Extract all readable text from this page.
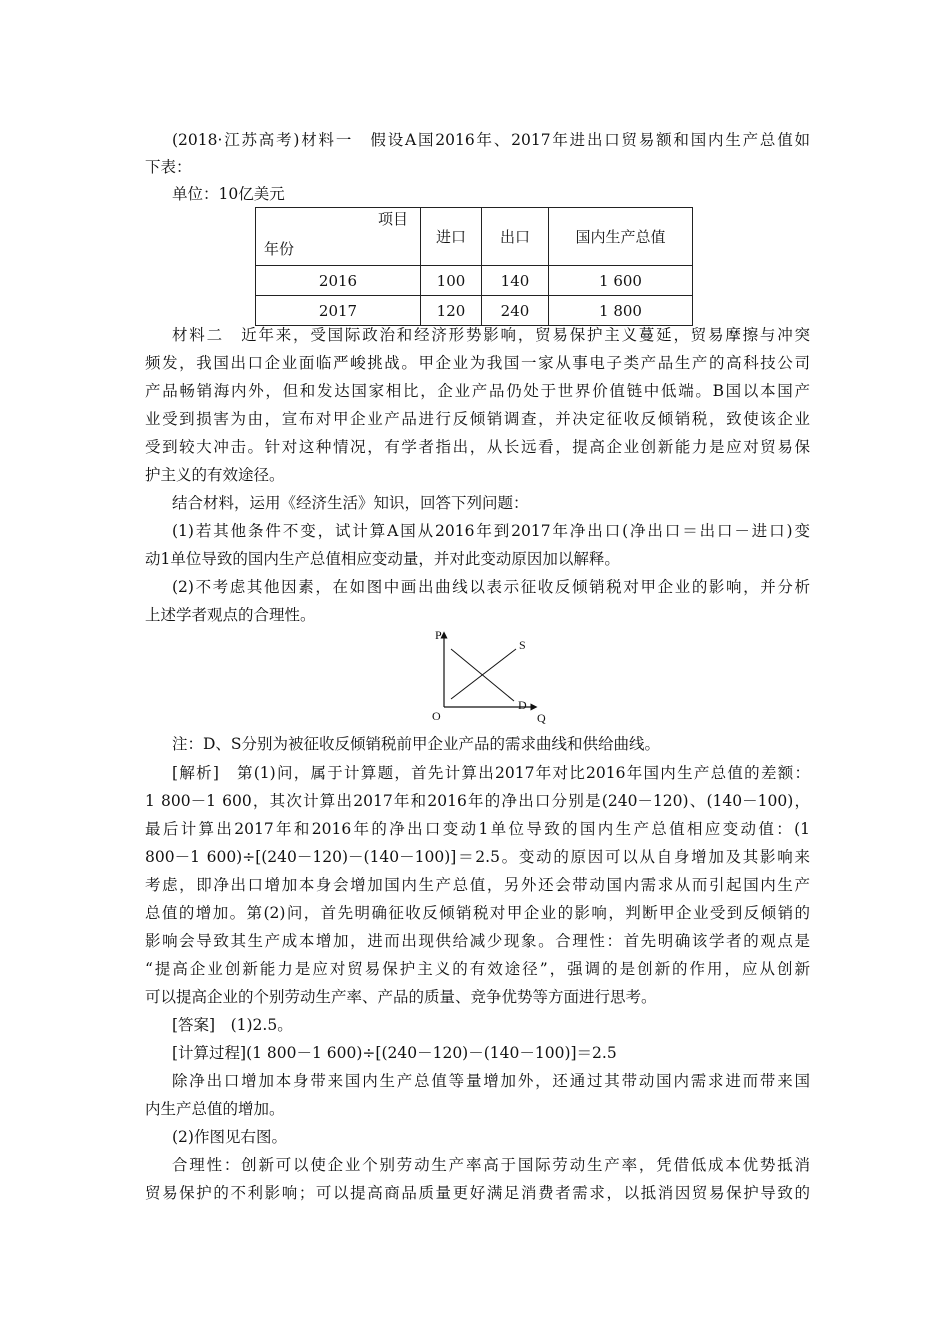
(2018·江苏高考)材料一　假设A国2016年、2017年进出口贸易额和国内生产总值如
下表：
单位：10亿美元
项目
年份	进口	出口	国内生产总值
2016	100	140	1 600
2017	120	240	1 800
材料二　近年来，受国际政治和经济形势影响，贸易保护主义蔓延，贸易摩擦与冲突
频发，我国出口企业面临严峻挑战。甲企业为我国一家从事电子类产品生产的高科技公司
产品畅销海内外，但和发达国家相比，企业产品仍处于世界价值链中低端。B国以本国产
业受到损害为由，宣布对甲企业产品进行反倾销调查，并决定征收反倾销税，致使该企业
受到较大冲击。针对这种情况，有学者指出，从长远看，提高企业创新能力是应对贸易保
护主义的有效途径。
结合材料，运用《经济生活》知识，回答下列问题：
(1)若其他条件不变，试计算A国从2016年到2017年净出口(净出口＝出口－进口)变
动1单位导致的国内生产总值相应变动量，并对此变动原因加以解释。
(2)不考虑其他因素，在如图中画出曲线以表示征收反倾销税对甲企业的影响，并分析
上述学者观点的合理性。
P
Q
O
S
D
注：D、S分别为被征收反倾销税前甲企业产品的需求曲线和供给曲线。
[解析]　第(1)问，属于计算题，首先计算出2017年对比2016年国内生产总值的差额：
1 800－1 600，其次计算出2017年和2016年的净出口分别是(240－120)、(140－100)，
最后计算出2017年和2016年的净出口变动1单位导致的国内生产总值相应变动值：(1
800－1 600)÷[(240－120)－(140－100)]＝2.5。变动的原因可以从自身增加及其影响来
考虑，即净出口增加本身会增加国内生产总值，另外还会带动国内需求从而引起国内生产
总值的增加。第(2)问，首先明确征收反倾销税对甲企业的影响，判断甲企业受到反倾销的
影响会导致其生产成本增加，进而出现供给减少现象。合理性：首先明确该学者的观点是
“提高企业创新能力是应对贸易保护主义的有效途径”，强调的是创新的作用，应从创新
可以提高企业的个别劳动生产率、产品的质量、竞争优势等方面进行思考。
[答案]　(1)2.5。
[计算过程](1 800－1 600)÷[(240－120)－(140－100)]＝2.5
除净出口增加本身带来国内生产总值等量增加外，还通过其带动国内需求进而带来国
内生产总值的增加。
(2)作图见右图。
合理性：创新可以使企业个别劳动生产率高于国际劳动生产率，凭借低成本优势抵消
贸易保护的不利影响；可以提高商品质量更好满足消费者需求，以抵消因贸易保护导致的
